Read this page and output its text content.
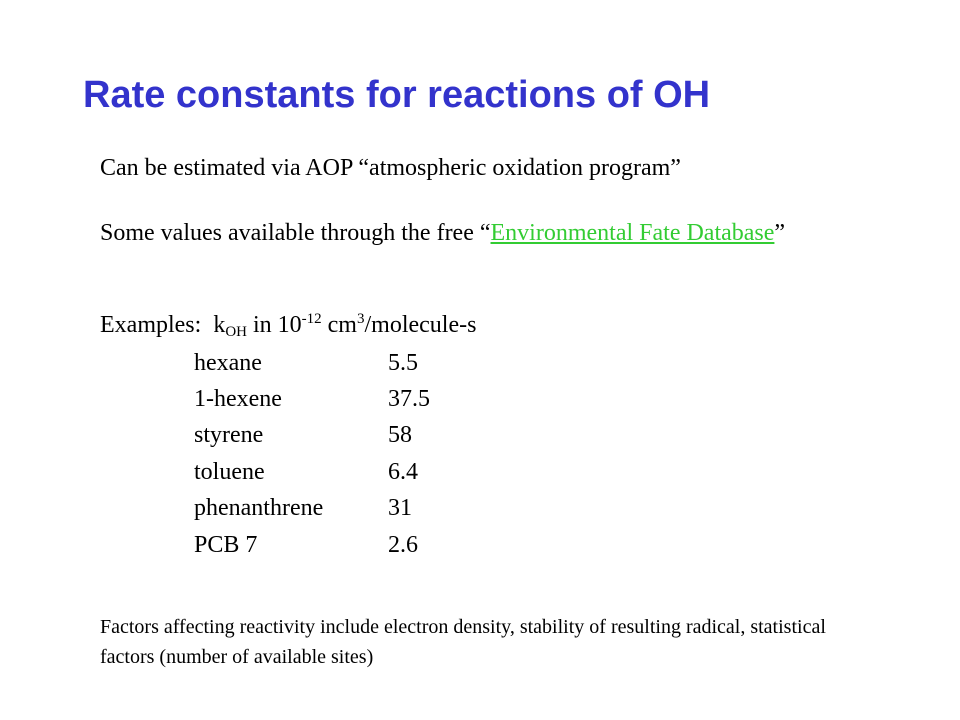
Rate constants for reactions of OH

Can be estimated via AOP “atmospheric oxidation program”

Some values available through the free “Environmental Fate Database”

Examples: $k_{OH}$ in $10^{-12}$ $cm^3/molecule-s$

hexane	5.5
1-hexene	37.5
styrene	58
toluene	6.4
phenanthrene	31
PCB 7	2.6

Factors affecting reactivity include electron density, stability of resulting radical, statistical factors (number of available sites)
